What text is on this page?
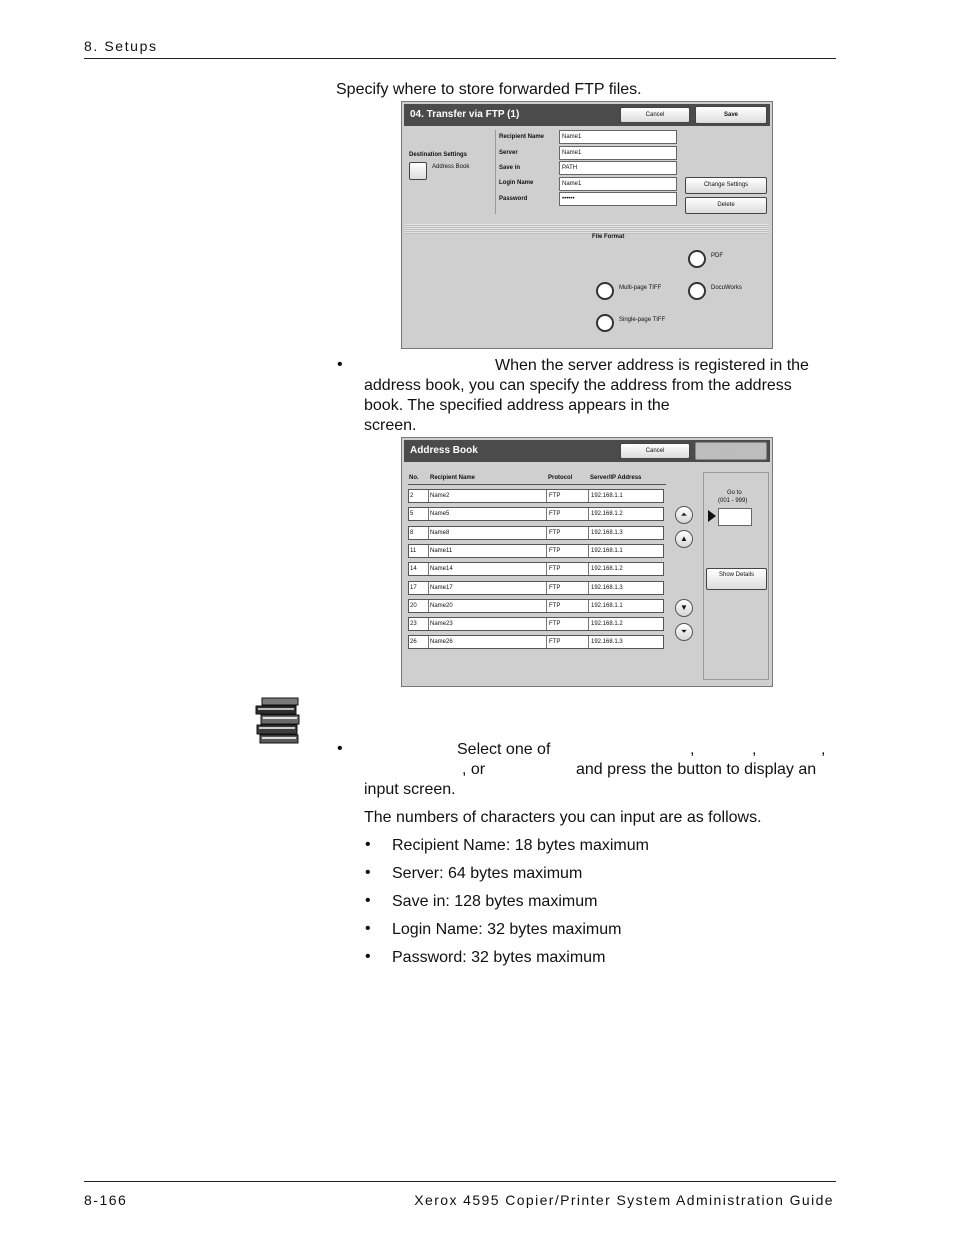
8. Setups
Specify where to store forwarded FTP files.
04. Transfer via FTP (1)	Cancel	Save
Destination Settings
Address Book
Recipient Name	Name1
Server	Name1
Save in	PATH
Login Name	Name1
Password	••••••
Change Settings
Delete
File Format
PDF
Multi-page TIFF	DocuWorks
Single-page TIFF
•	When the server address is registered in the
address book, you can specify the address from the address
book. The specified address appears in the
screen.
Address Book	Cancel	Save
No. Recipient Name	Protocol	Server/IP Address
2	Name2	FTP	192.168.1.1
5	Name5	FTP	192.168.1.2
8	Name8	FTP	192.168.1.3
11 Name11	FTP	192.168.1.1
14 Name14	FTP	192.168.1.2
17 Name17	FTP	192.168.1.3
20 Name20	FTP	192.168.1.1
23 Name23	FTP	192.168.1.2
26 Name26	FTP	192.168.1.3
⏶
▲
▼
⏷
Go to
(001 - 999)
Show Details
•	Select one of	,	,	,
, or	and press the button to display an
input screen.
The numbers of characters you can input are as follows.
• Recipient Name: 18 bytes maximum
• Server: 64 bytes maximum
• Save in: 128 bytes maximum
• Login Name: 32 bytes maximum
• Password: 32 bytes maximum
8-166	Xerox 4595 Copier/Printer System Administration Guide
